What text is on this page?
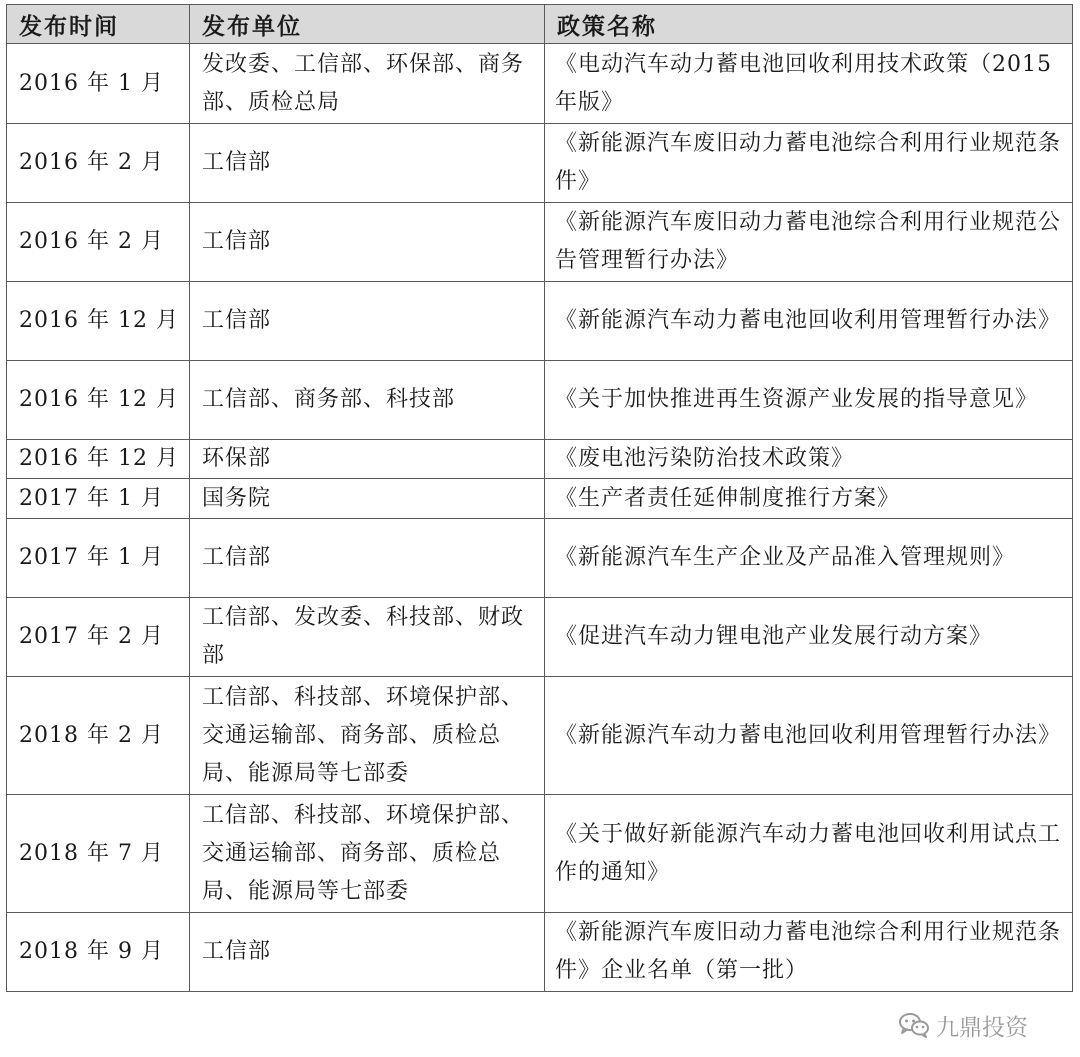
发布时间	发布单位	政策名称
2016 年 1 月	发改委、工信部、环保部、商务部、质检总局	《电动汽车动力蓄电池回收利用技术政策（2015 年版》
2016 年 2 月	工信部	《新能源汽车废旧动力蓄电池综合利用行业规范条件》
2016 年 2 月	工信部	《新能源汽车废旧动力蓄电池综合利用行业规范公告管理暂行办法》
2016 年 12 月	工信部	《新能源汽车动力蓄电池回收利用管理暂行办法》
2016 年 12 月	工信部、商务部、科技部	《关于加快推进再生资源产业发展的指导意见》
2016 年 12 月	环保部	《废电池污染防治技术政策》
2017 年 1 月	国务院	《生产者责任延伸制度推行方案》
2017 年 1 月	工信部	《新能源汽车生产企业及产品准入管理规则》
2017 年 2 月	工信部、发改委、科技部、财政部	《促进汽车动力锂电池产业发展行动方案》
2018 年 2 月	工信部、科技部、环境保护部、交通运输部、商务部、质检总局、能源局等七部委	《新能源汽车动力蓄电池回收利用管理暂行办法》
2018 年 7 月	工信部、科技部、环境保护部、交通运输部、商务部、质检总局、能源局等七部委	《关于做好新能源汽车动力蓄电池回收利用试点工作的通知》
2018 年 9 月	工信部	《新能源汽车废旧动力蓄电池综合利用行业规范条件》企业名单（第一批）
九鼎投资
